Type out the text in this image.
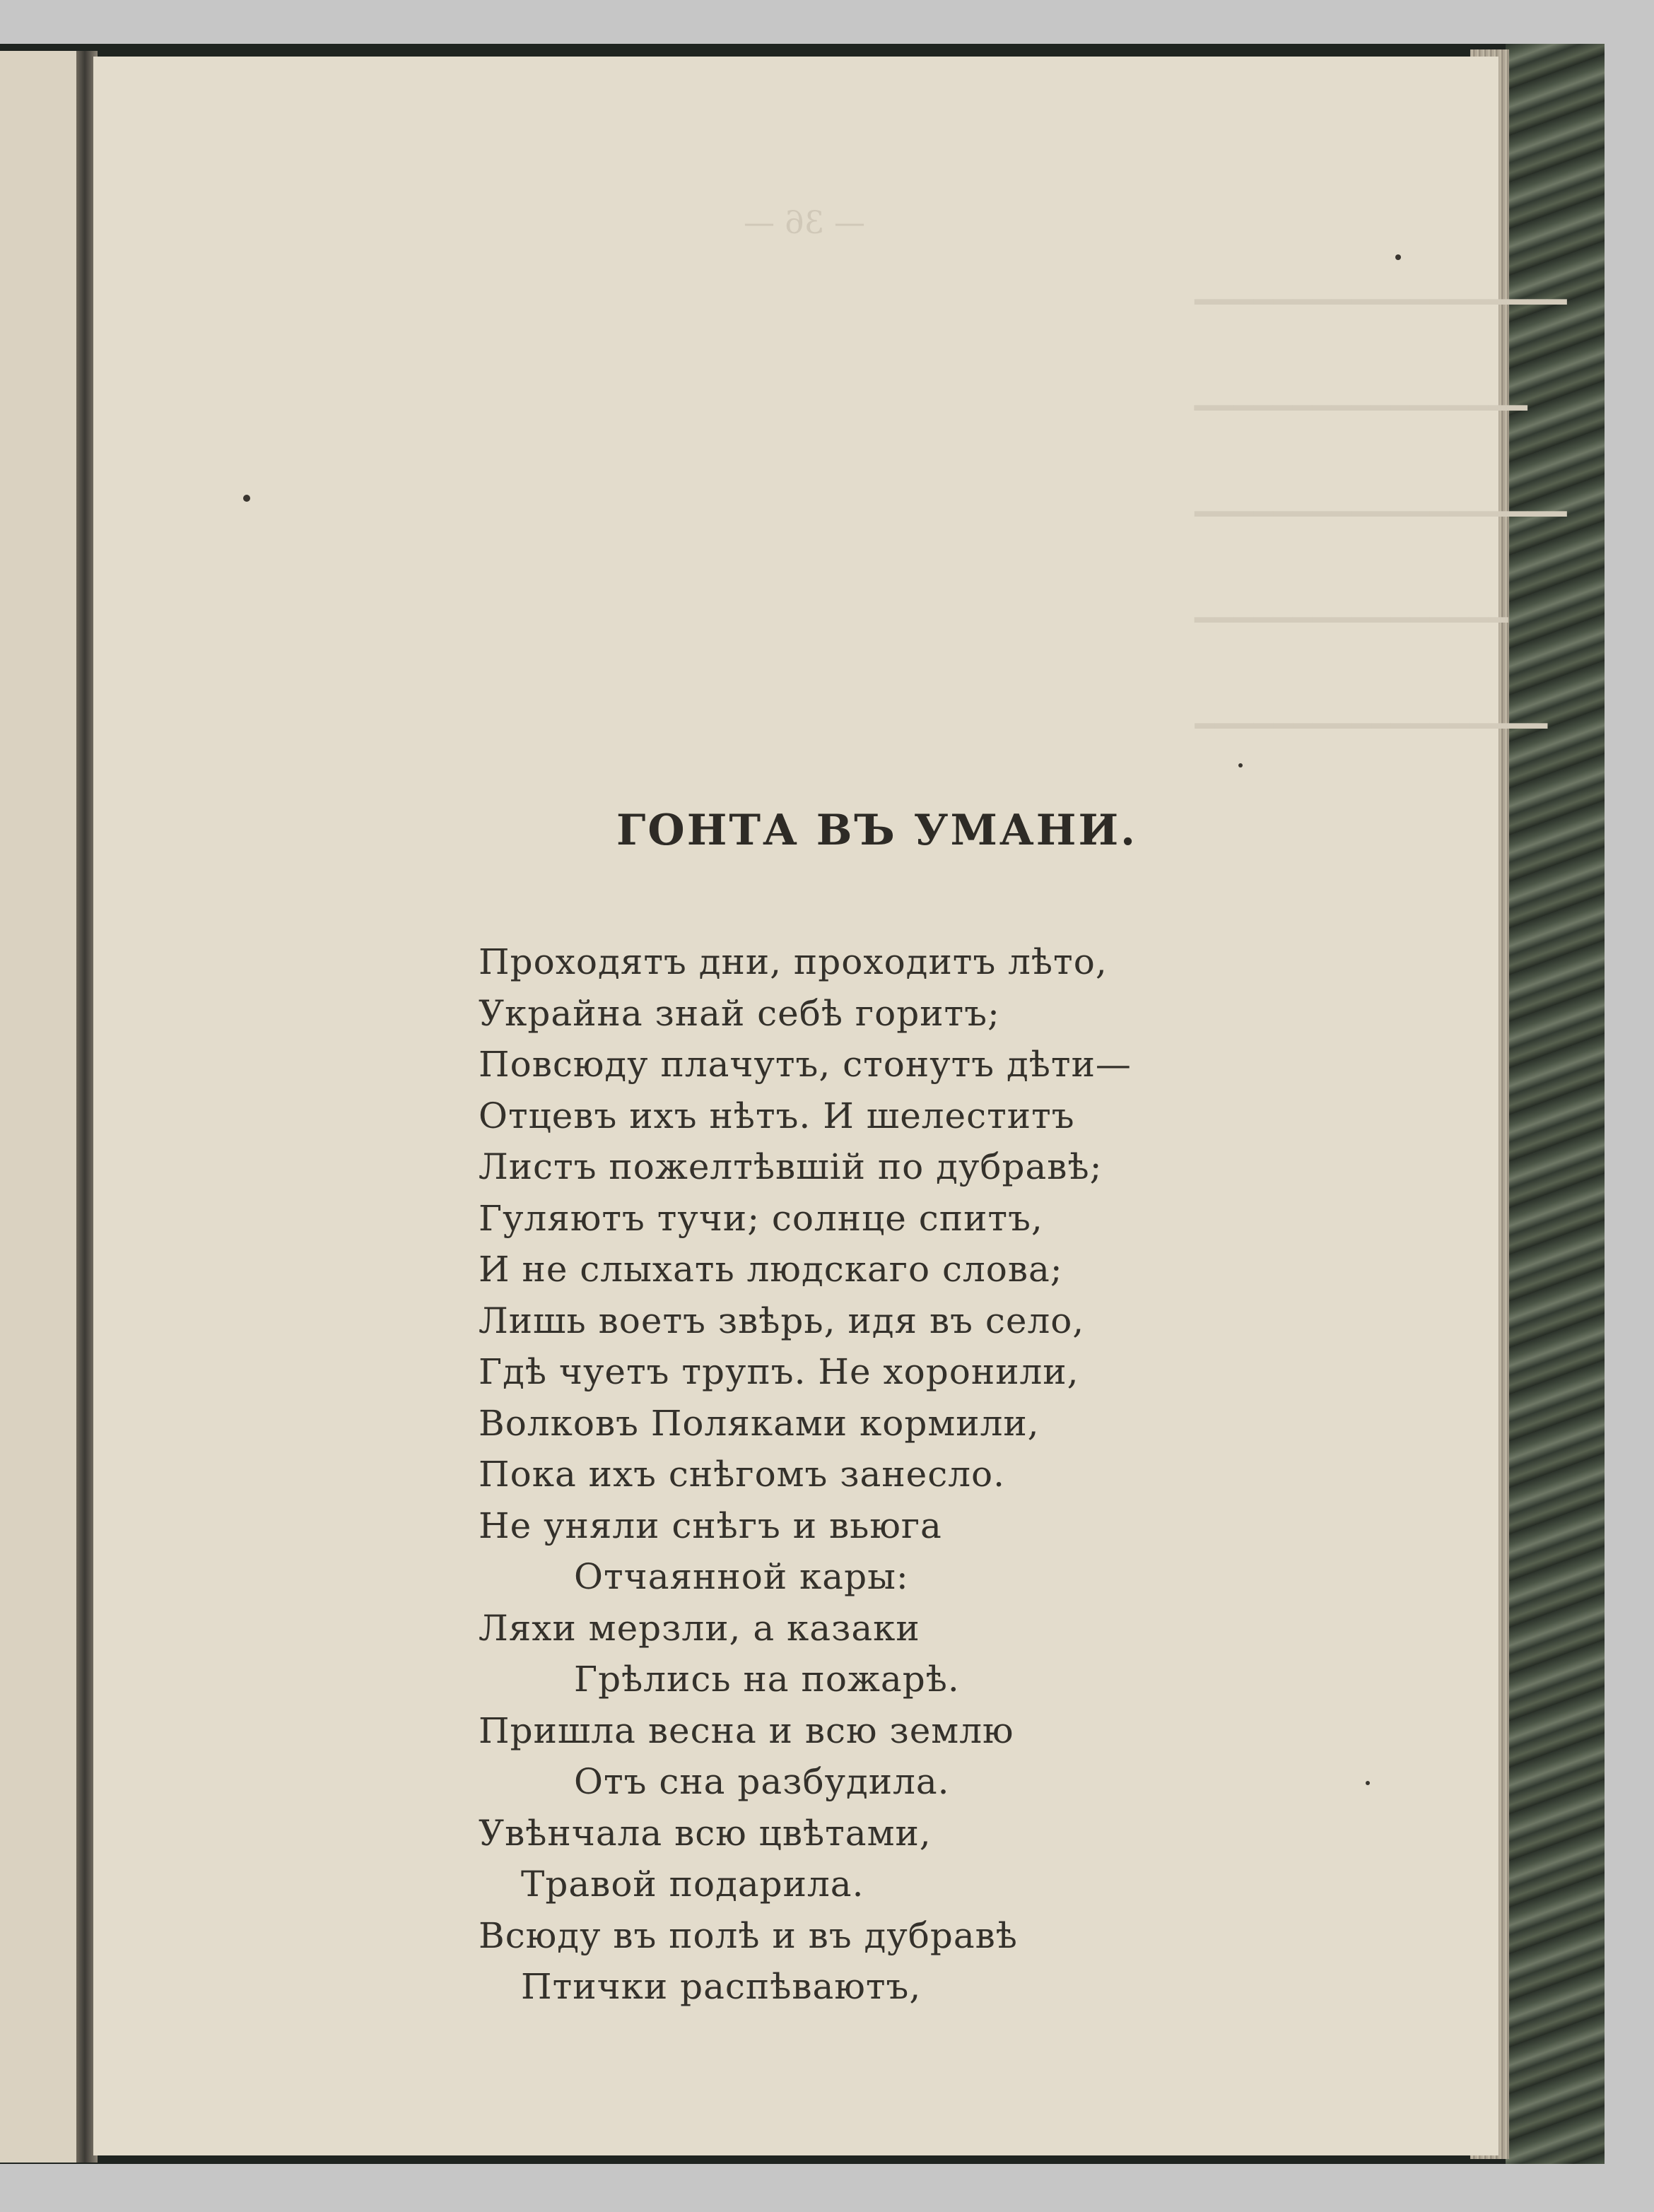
— 36 —
━━━━━━━━━━━━━━━━━━━
━━━━━━━━━━━━━━━━━
━━━━━━━━━━━━━━━━━━━
━━━━━━━━━━━━━━━━
━━━━━━━━━━━━━━━━━━
ГОНТА ВЪ УМАНИ.
Проходятъ дни, проходитъ лѣто,
Украйна знай себѣ горитъ;
Повсюду плачутъ, стонутъ дѣти—
Отцевъ ихъ нѣтъ. И шелеститъ
Листъ пожелтѣвшій по дубравѣ;
Гуляютъ тучи; солнце спитъ,
И не слыхать людскаго слова;
Лишь воетъ звѣрь, идя въ село,
Гдѣ чуетъ трупъ. Не хоронили,
Волковъ Поляками кормили,
Пока ихъ снѣгомъ занесло.
Не уняли снѣгъ и вьюга
Отчаянной кары:
Ляхи мерзли, а казаки
Грѣлись на пожарѣ.
Пришла весна и всю землю
Отъ сна разбудила.
Увѣнчала всю цвѣтами,
Травой подарила.
Всюду въ полѣ и въ дубравѣ
Птички распѣваютъ,
